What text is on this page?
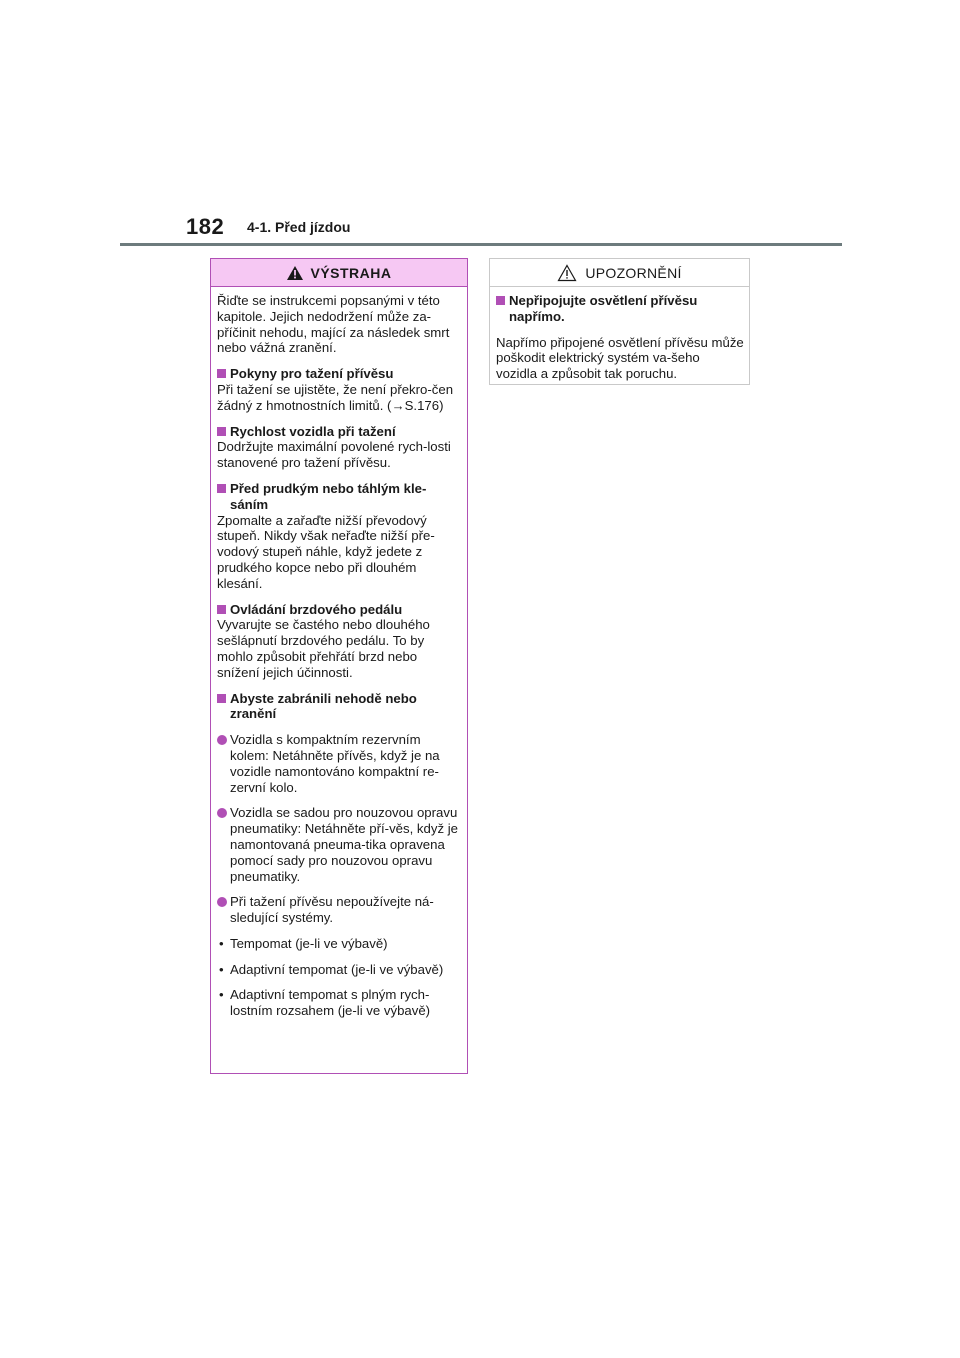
182 4-1. Před jízdou
VÝSTRAHA

Řiďte se instrukcemi popsanými v této kapitole. Jejich nedodržení může za-příčinit nehodu, mající za následek smrt nebo vážná zranění.

Pokyny pro tažení přívěsu

Při tažení se ujistěte, že není překro-čen žádný z hmotnostních limitů. (→S.176)

Rychlost vozidla při tažení

Dodržujte maximální povolené rych-losti stanovené pro tažení přívěsu.

Před prudkým nebo táhlým kle-sáním

Zpomalte a zařaďte nižší převodový stupeň. Nikdy však neřaďte nižší pře-vodový stupeň náhle, když jedete z prudkého kopce nebo při dlouhém klesání.

Ovládání brzdového pedálu

Vyvarujte se častého nebo dlouhého sešlápnutí brzdového pedálu. To by mohlo způsobit přehřátí brzd nebo snížení jejich účinnosti.

Abyste zabránili nehodě nebo zranění

Vozidla s kompaktním rezervním kolem: Netáhněte přívěs, když je na vozidle namontováno kompaktní re-zervní kolo.

Vozidla se sadou pro nouzovou opravu pneumatiky: Netáhněte pří-věs, když je namontovaná pneuma-tika opravena pomocí sady pro nouzovou opravu pneumatiky.

Při tažení přívěsu nepoužívejte ná-sledující systémy.

• Tempomat (je-li ve výbavě)

• Adaptivní tempomat (je-li ve výbavě)

• Adaptivní tempomat s plným rych-lostním rozsahem (je-li ve výbavě)

UPOZORNĚNÍ

Nepřipojujte osvětlení přívěsu napřímo.

Napřímo připojené osvětlení přívěsu může poškodit elektrický systém va-šeho vozidla a způsobit tak poruchu.
